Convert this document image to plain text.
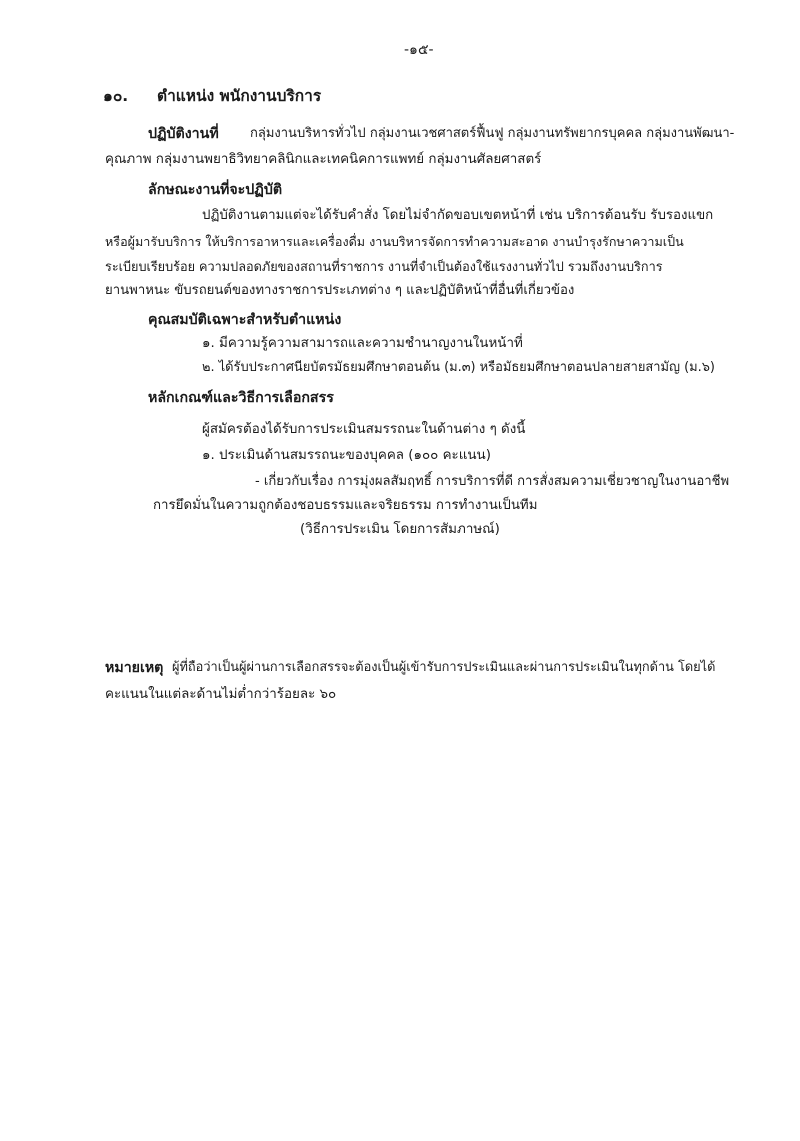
-๑๕-
๑๐. ตำแหน่ง พนักงานบริการ
ปฏิบัติงานที่ กลุ่มงานบริหารทั่วไป กลุ่มงานเวชศาสตร์ฟื้นฟู กลุ่มงานทรัพยากรบุคคล กลุ่มงานพัฒนา-
คุณภาพ กลุ่มงานพยาธิวิทยาคลินิกและเทคนิคการแพทย์ กลุ่มงานศัลยศาสตร์
ลักษณะงานที่จะปฏิบัติ
ปฏิบัติงานตามแต่จะได้รับคำสั่ง โดยไม่จำกัดขอบเขตหน้าที่ เช่น บริการต้อนรับ รับรองแขก
หรือผู้มารับบริการ ให้บริการอาหารและเครื่องดื่ม งานบริหารจัดการทำความสะอาด งานบำรุงรักษาความเป็น
ระเบียบเรียบร้อย ความปลอดภัยของสถานที่ราชการ งานที่จำเป็นต้องใช้แรงงานทั่วไป รวมถึงงานบริการ
ยานพาหนะ ขับรถยนต์ของทางราชการประเภทต่าง ๆ และปฏิบัติหน้าที่อื่นที่เกี่ยวข้อง
คุณสมบัติเฉพาะสำหรับตำแหน่ง
๑. มีความรู้ความสามารถและความชำนาญงานในหน้าที่
๒. ได้รับประกาศนียบัตรมัธยมศึกษาตอนต้น (ม.๓) หรือมัธยมศึกษาตอนปลายสายสามัญ (ม.๖)
หลักเกณฑ์และวิธีการเลือกสรร
ผู้สมัครต้องได้รับการประเมินสมรรถนะในด้านต่าง ๆ ดังนี้
๑. ประเมินด้านสมรรถนะของบุคคล (๑๐๐ คะแนน)
- เกี่ยวกับเรื่อง การมุ่งผลสัมฤทธิ์ การบริการที่ดี การสั่งสมความเชี่ยวชาญในงานอาชีพ
การยึดมั่นในความถูกต้องชอบธรรมและจริยธรรม การทำงานเป็นทีม
(วิธีการประเมิน โดยการสัมภาษณ์)
หมายเหตุ ผู้ที่ถือว่าเป็นผู้ผ่านการเลือกสรรจะต้องเป็นผู้เข้ารับการประเมินและผ่านการประเมินในทุกด้าน โดยได้
คะแนนในแต่ละด้านไม่ต่ำกว่าร้อยละ ๖๐
